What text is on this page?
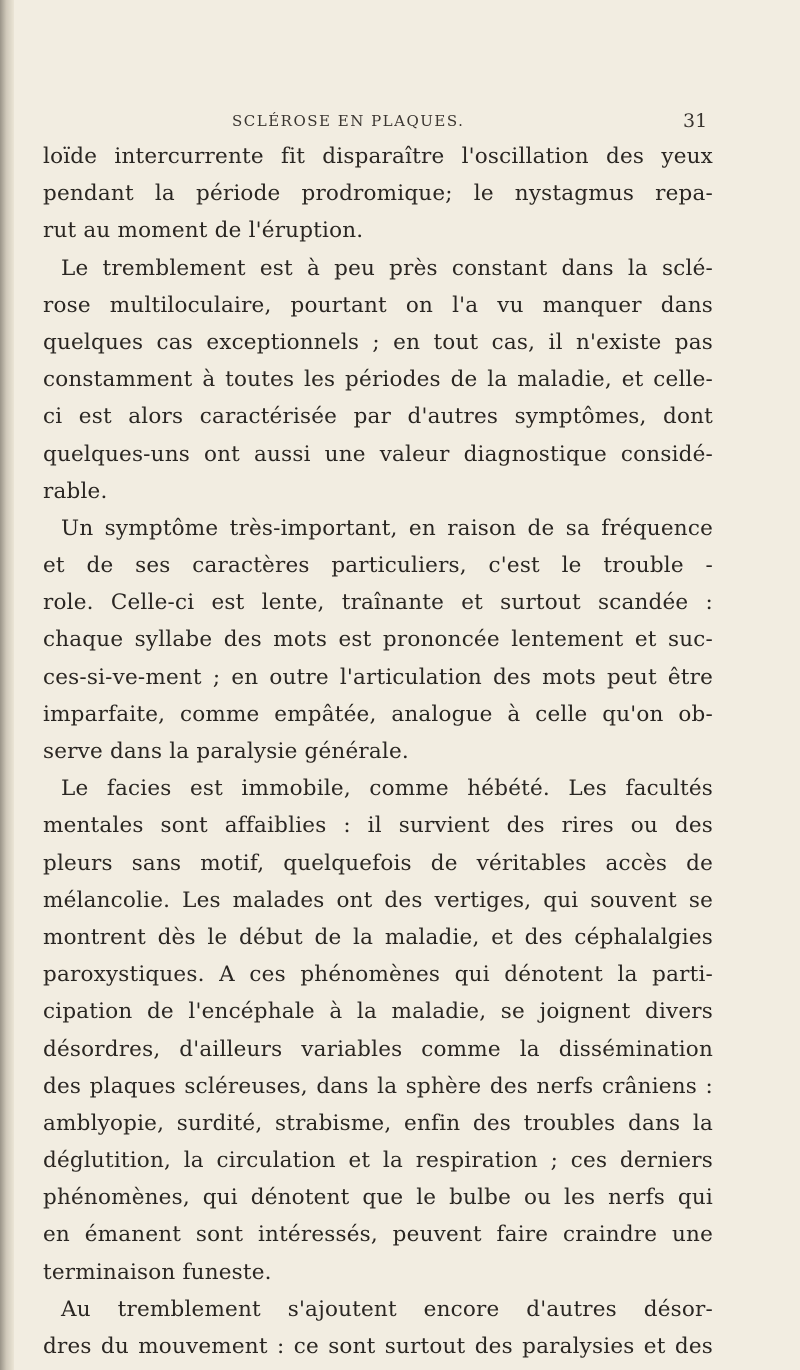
SCLÉROSE EN PLAQUES.	31
loïde intercurrente fit disparaître l'oscillation des yeux
pendant la période prodromique; le nystagmus repa-
rut au moment de l'éruption.
Le tremblement est à peu près constant dans la sclé-
rose multiloculaire, pourtant on l'a vu manquer dans
quelques cas exceptionnels ; en tout cas, il n'existe pas
constamment à toutes les périodes de la maladie, et celle-
ci est alors caractérisée par d'autres symptômes, dont
quelques-uns ont aussi une valeur diagnostique considé-
rable.
Un symptôme très-important, en raison de sa fréquence
et de ses caractères particuliers, c'est le trouble -
role. Celle-ci est lente, traînante et surtout scandée :
chaque syllabe des mots est prononcée lentement et suc-
ces-si-ve-ment ; en outre l'articulation des mots peut être
imparfaite, comme empâtée, analogue à celle qu'on ob-
serve dans la paralysie générale.
Le facies est immobile, comme hébété. Les facultés
mentales sont affaiblies : il survient des rires ou des
pleurs sans motif, quelquefois de véritables accès de
mélancolie. Les malades ont des vertiges, qui souvent se
montrent dès le début de la maladie, et des céphalalgies
paroxystiques. A ces phénomènes qui dénotent la parti-
cipation de l'encéphale à la maladie, se joignent divers
désordres, d'ailleurs variables comme la dissémination
des plaques scléreuses, dans la sphère des nerfs crâniens :
amblyopie, surdité, strabisme, enfin des troubles dans la
déglutition, la circulation et la respiration ; ces derniers
phénomènes, qui dénotent que le bulbe ou les nerfs qui
en émanent sont intéressés, peuvent faire craindre une
terminaison funeste.
Au tremblement s'ajoutent encore d'autres désor-
dres du mouvement : ce sont surtout des paralysies et des
